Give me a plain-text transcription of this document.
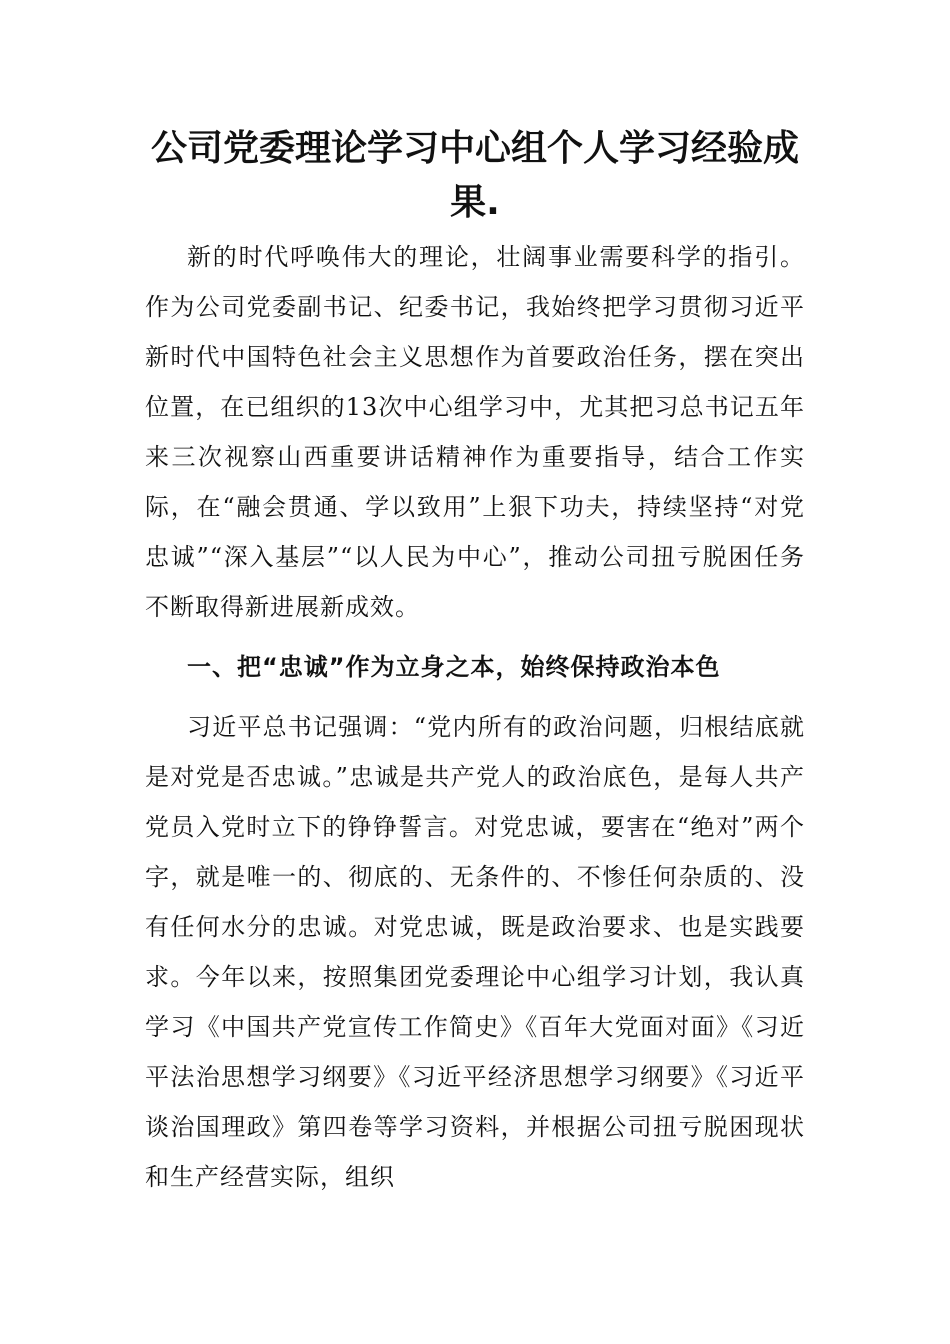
公司党委理论学习中心组个人学习经验成果.

新的时代呼唤伟大的理论，壮阔事业需要科学的指引。作为公司党委副书记、纪委书记，我始终把学习贯彻习近平新时代中国特色社会主义思想作为首要政治任务，摆在突出位置，在已组织的13次中心组学习中，尤其把习总书记五年来三次视察山西重要讲话精神作为重要指导，结合工作实际，在“融会贯通、学以致用”上狠下功夫，持续坚持“对党忠诚”“深入基层”“以人民为中心”，推动公司扭亏脱困任务不断取得新进展新成效。

一、把“忠诚”作为立身之本，始终保持政治本色

习近平总书记强调：“党内所有的政治问题，归根结底就是对党是否忠诚。”忠诚是共产党人的政治底色，是每人共产党员入党时立下的铮铮誓言。对党忠诚，要害在“绝对”两个字，就是唯一的、彻底的、无条件的、不惨任何杂质的、没有任何水分的忠诚。对党忠诚，既是政治要求、也是实践要求。今年以来，按照集团党委理论中心组学习计划，我认真学习《中国共产党宣传工作简史》《百年大党面对面》《习近平法治思想学习纲要》《习近平经济思想学习纲要》《习近平谈治国理政》第四卷等学习资料，并根据公司扭亏脱困现状和生产经营实际，组织
